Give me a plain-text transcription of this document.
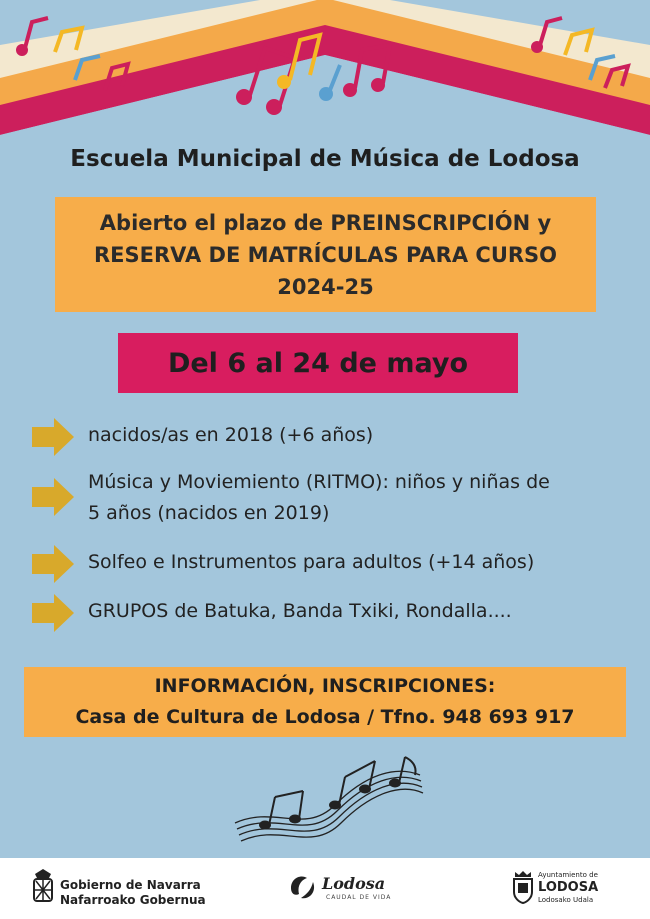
Escuela Municipal de Música de Lodosa
Abierto el plazo de PREINSCRIPCIÓN y
RESERVA DE MATRÍCULAS PARA CURSO
2024-25
Del 6 al 24 de mayo
nacidos/as en 2018 (+6 años)
Música y Moviemiento (RITMO): niños y niñas de
5 años (nacidos en 2019)
Solfeo e Instrumentos para adultos (+14 años)
GRUPOS de Batuka, Banda Txiki, Rondalla....
INFORMACIÓN, INSCRIPCIONES:
Casa de Cultura de Lodosa / Tfno. 948 693 917
Gobierno de Navarra
Nafarroako Gobernua
Lodosa
CAUDAL DE VIDA
Ayuntamiento de
LODOSA
Lodosako Udala
